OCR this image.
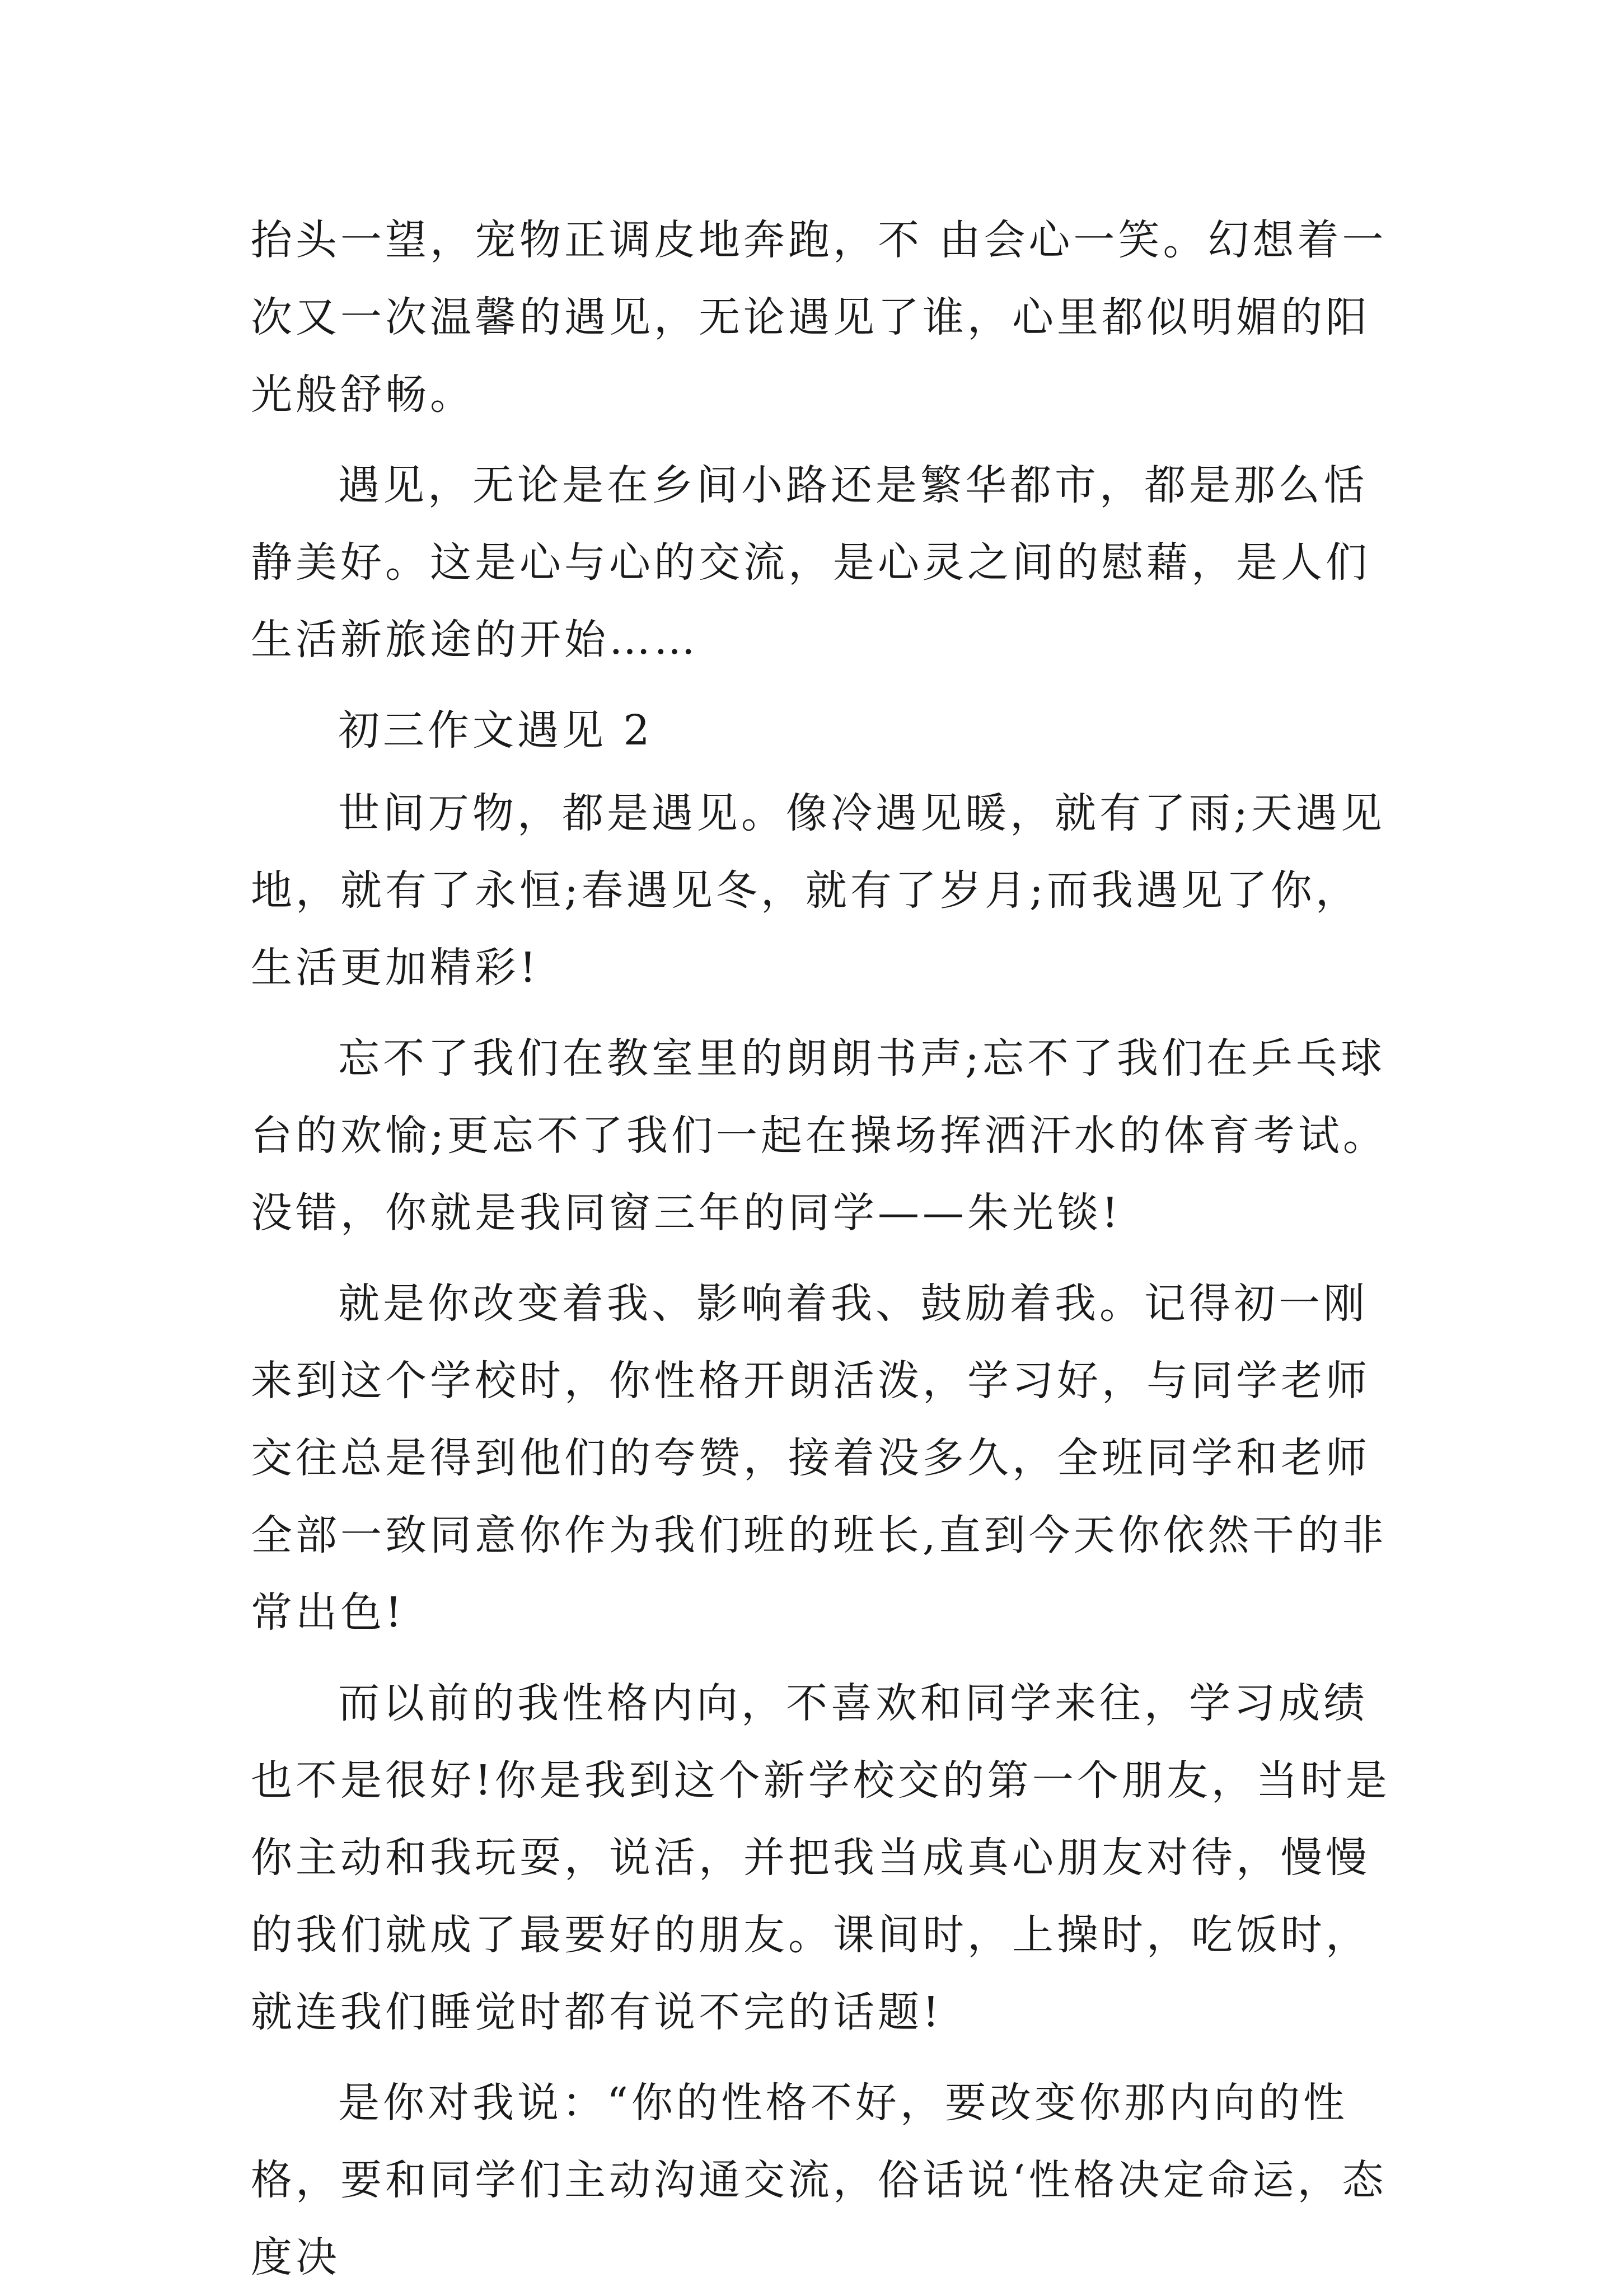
抬头一望，宠物正调皮地奔跑，不 由会心一笑。幻想着一次又一次温馨的遇见，无论遇见了谁，心里都似明媚的阳光般舒畅。

遇见，无论是在乡间小路还是繁华都市，都是那么恬静美好。这是心与心的交流，是心灵之间的慰藉，是人们生活新旅途的开始……

初三作文遇见 2

世间万物，都是遇见。像冷遇见暖，就有了雨;天遇见地，就有了永恒;春遇见冬，就有了岁月;而我遇见了你，生活更加精彩!

忘不了我们在教室里的朗朗书声;忘不了我们在乒乓球台的欢愉;更忘不了我们一起在操场挥洒汗水的体育考试。没错，你就是我同窗三年的同学——朱光锬!

就是你改变着我、影响着我、鼓励着我。记得初一刚来到这个学校时，你性格开朗活泼，学习好，与同学老师交往总是得到他们的夸赞，接着没多久，全班同学和老师全部一致同意你作为我们班的班长,直到今天你依然干的非常出色!

而以前的我性格内向，不喜欢和同学来往，学习成绩也不是很好!你是我到这个新学校交的第一个朋友，当时是你主动和我玩耍，说活，并把我当成真心朋友对待，慢慢的我们就成了最要好的朋友。课间时，上操时，吃饭时，就连我们睡觉时都有说不完的话题!

是你对我说：“你的性格不好，要改变你那内向的性格，要和同学们主动沟通交流，俗话说‘性格决定命运，态度决
